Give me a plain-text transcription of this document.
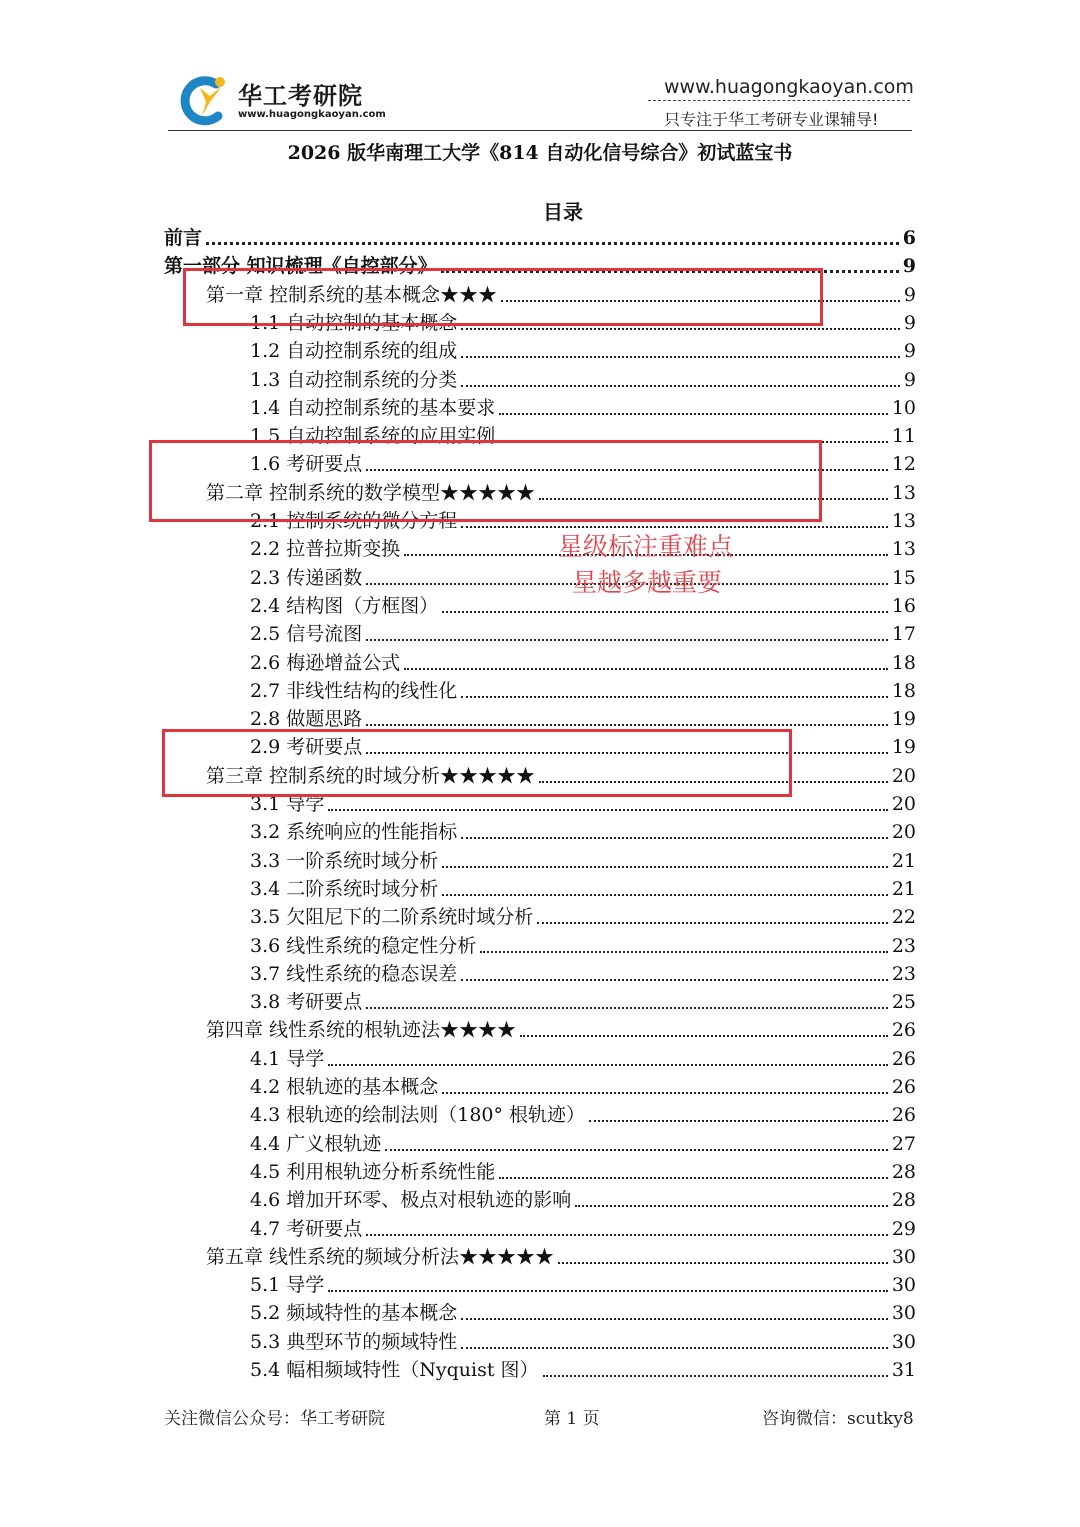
华工考研院
www.huagongkaoyan.com
www.huagongkaoyan.com
只专注于华工考研专业课辅导!
2026 版华南理工大学《814 自动化信号综合》初试蓝宝书
目录
前言	6
第一部分 知识梳理《自控部分》	9
第一章 控制系统的基本概念★★★	9
1.1 自动控制的基本概念	9
1.2 自动控制系统的组成	9
1.3 自动控制系统的分类	9
1.4 自动控制系统的基本要求	10
1.5 自动控制系统的应用实例	11
1.6 考研要点	12
第二章 控制系统的数学模型★★★★★	13
2.1 控制系统的微分方程	13
2.2 拉普拉斯变换	13
2.3 传递函数	15
2.4 结构图（方框图）	16
2.5 信号流图	17
2.6 梅逊增益公式	18
2.7 非线性结构的线性化	18
2.8 做题思路	19
2.9 考研要点	19
第三章 控制系统的时域分析★★★★★	20
3.1 导学	20
3.2 系统响应的性能指标	20
3.3 一阶系统时域分析	21
3.4 二阶系统时域分析	21
3.5 欠阻尼下的二阶系统时域分析	22
3.6 线性系统的稳定性分析	23
3.7 线性系统的稳态误差	23
3.8 考研要点	25
第四章 线性系统的根轨迹法★★★★	26
4.1 导学	26
4.2 根轨迹的基本概念	26
4.3 根轨迹的绘制法则（180° 根轨迹）	26
4.4 广义根轨迹	27
4.5 利用根轨迹分析系统性能	28
4.6 增加开环零、极点对根轨迹的影响	28
4.7 考研要点	29
第五章 线性系统的频域分析法★★★★★	30
5.1 导学	30
5.2 频域特性的基本概念	30
5.3 典型环节的频域特性	30
5.4 幅相频域特性（Nyquist 图）	31
星级标注重难点
星越多越重要
关注微信公众号：华工考研院	第 1 页	咨询微信：scutky8
